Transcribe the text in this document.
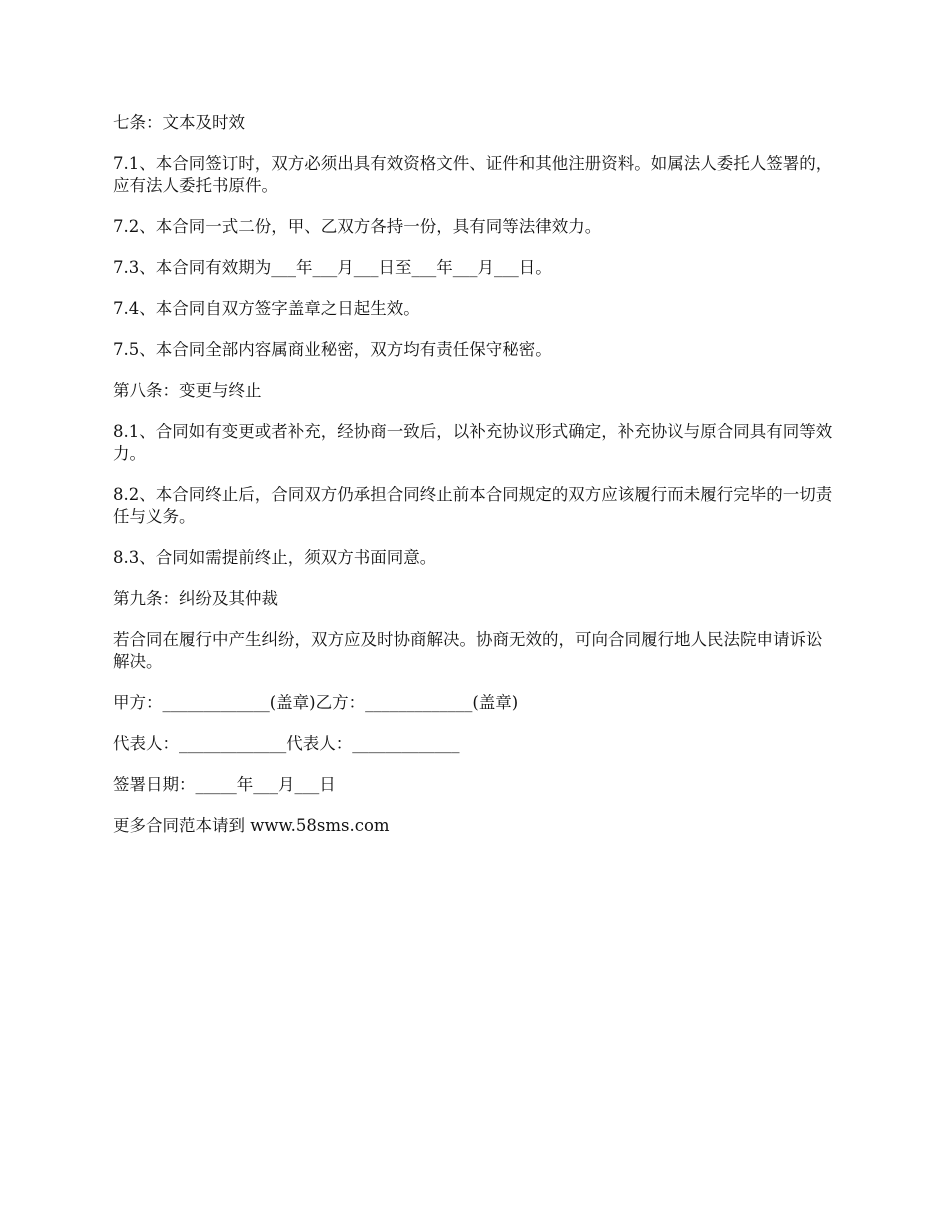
七条：文本及时效

7.1、本合同签订时，双方必须出具有效资格文件、证件和其他注册资料。如属法人委托人签署的，应有法人委托书原件。

7.2、本合同一式二份，甲、乙双方各持一份，具有同等法律效力。

7.3、本合同有效期为___年___月___日至___年___月___日。

7.4、本合同自双方签字盖章之日起生效。

7.5、本合同全部内容属商业秘密，双方均有责任保守秘密。

第八条：变更与终止

8.1、合同如有变更或者补充，经协商一致后，以补充协议形式确定，补充协议与原合同具有同等效力。

8.2、本合同终止后，合同双方仍承担合同终止前本合同规定的双方应该履行而未履行完毕的一切责任与义务。

8.3、合同如需提前终止，须双方书面同意。

第九条：纠纷及其仲裁

若合同在履行中产生纠纷，双方应及时协商解决。协商无效的，可向合同履行地人民法院申请诉讼解决。

甲方：_____________(盖章)乙方：_____________(盖章)

代表人：_____________代表人：_____________

签署日期：_____年___月___日

更多合同范本请到 www.58sms.com
